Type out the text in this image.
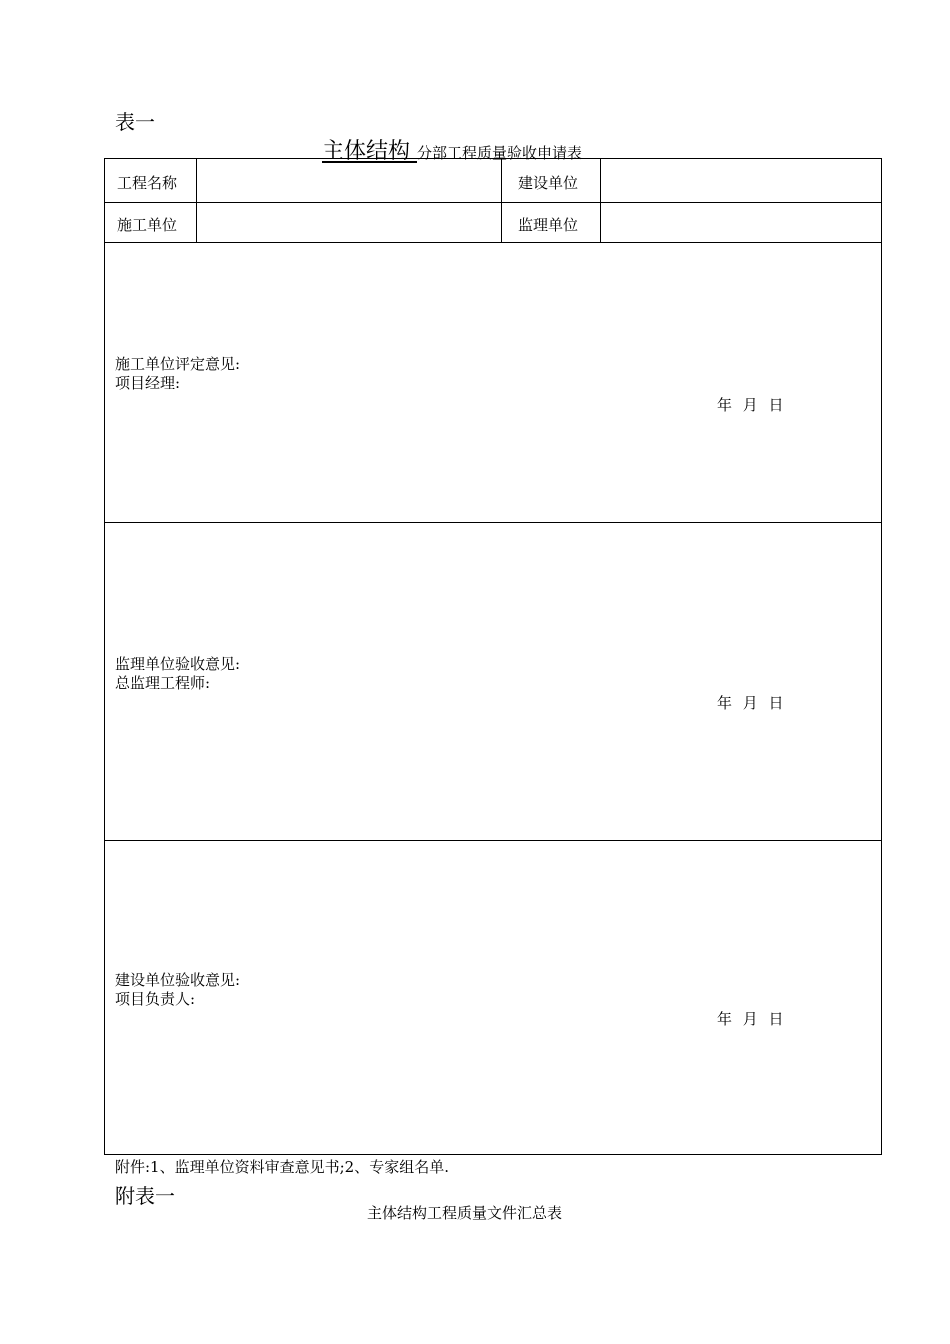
表一
主体结构 分部工程质量验收申请表
工程名称	建设单位
施工单位	监理单位
施工单位评定意见:
项目经理:
年 月 日
监理单位验收意见:
总监理工程师:
年 月 日
建设单位验收意见:
项目负责人:
年 月 日
附件:1、监理单位资料审查意见书;2、专家组名单.
附表一
主体结构工程质量文件汇总表
